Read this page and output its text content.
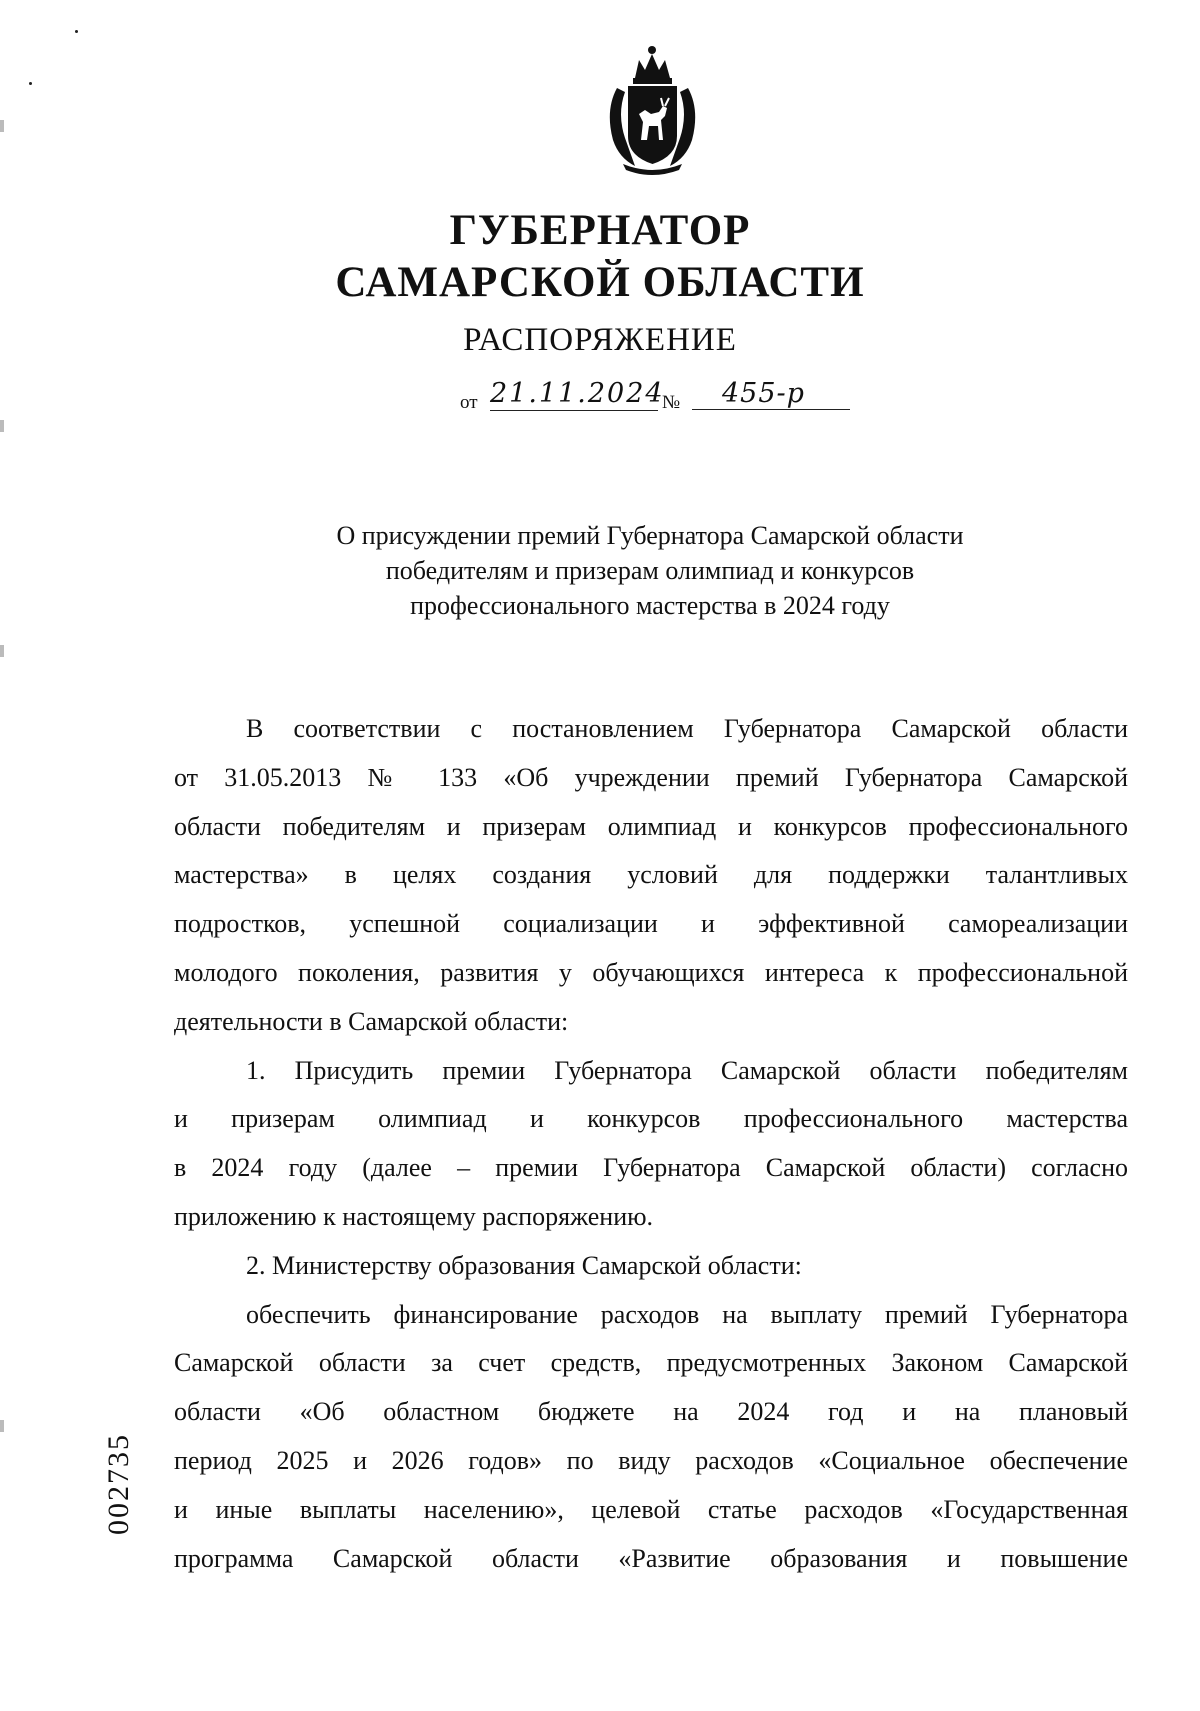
ГУБЕРНАТОР
САМАРСКОЙ ОБЛАСТИ
РАСПОРЯЖЕНИЕ
от 21.11.2024
№	455-р
О присуждении премий Губернатора Самарской области
победителям и призерам олимпиад и конкурсов
профессионального мастерства в 2024 году
В соответствии с постановлением Губернатора Самарской области
от 31.05.2013 № 133 «Об учреждении премий Губернатора Самарской
области победителям и призерам олимпиад и конкурсов профессионального
мастерства» в целях создания условий для поддержки талантливых
подростков, успешной социализации и эффективной самореализации
молодого поколения, развития у обучающихся интереса к профессиональной
деятельности в Самарской области:
1. Присудить премии Губернатора Самарской области победителям
и призерам олимпиад и конкурсов профессионального мастерства
в 2024 году (далее – премии Губернатора Самарской области) согласно
приложению к настоящему распоряжению.
2. Министерству образования Самарской области:
обеспечить финансирование расходов на выплату премий Губернатора
Самарской области за счет средств, предусмотренных Законом Самарской
области «Об областном бюджете на 2024 год и на плановый
период 2025 и 2026 годов» по виду расходов «Социальное обеспечение
и иные выплаты населению», целевой статье расходов «Государственная
программа Самарской области «Развитие образования и повышение
002735
